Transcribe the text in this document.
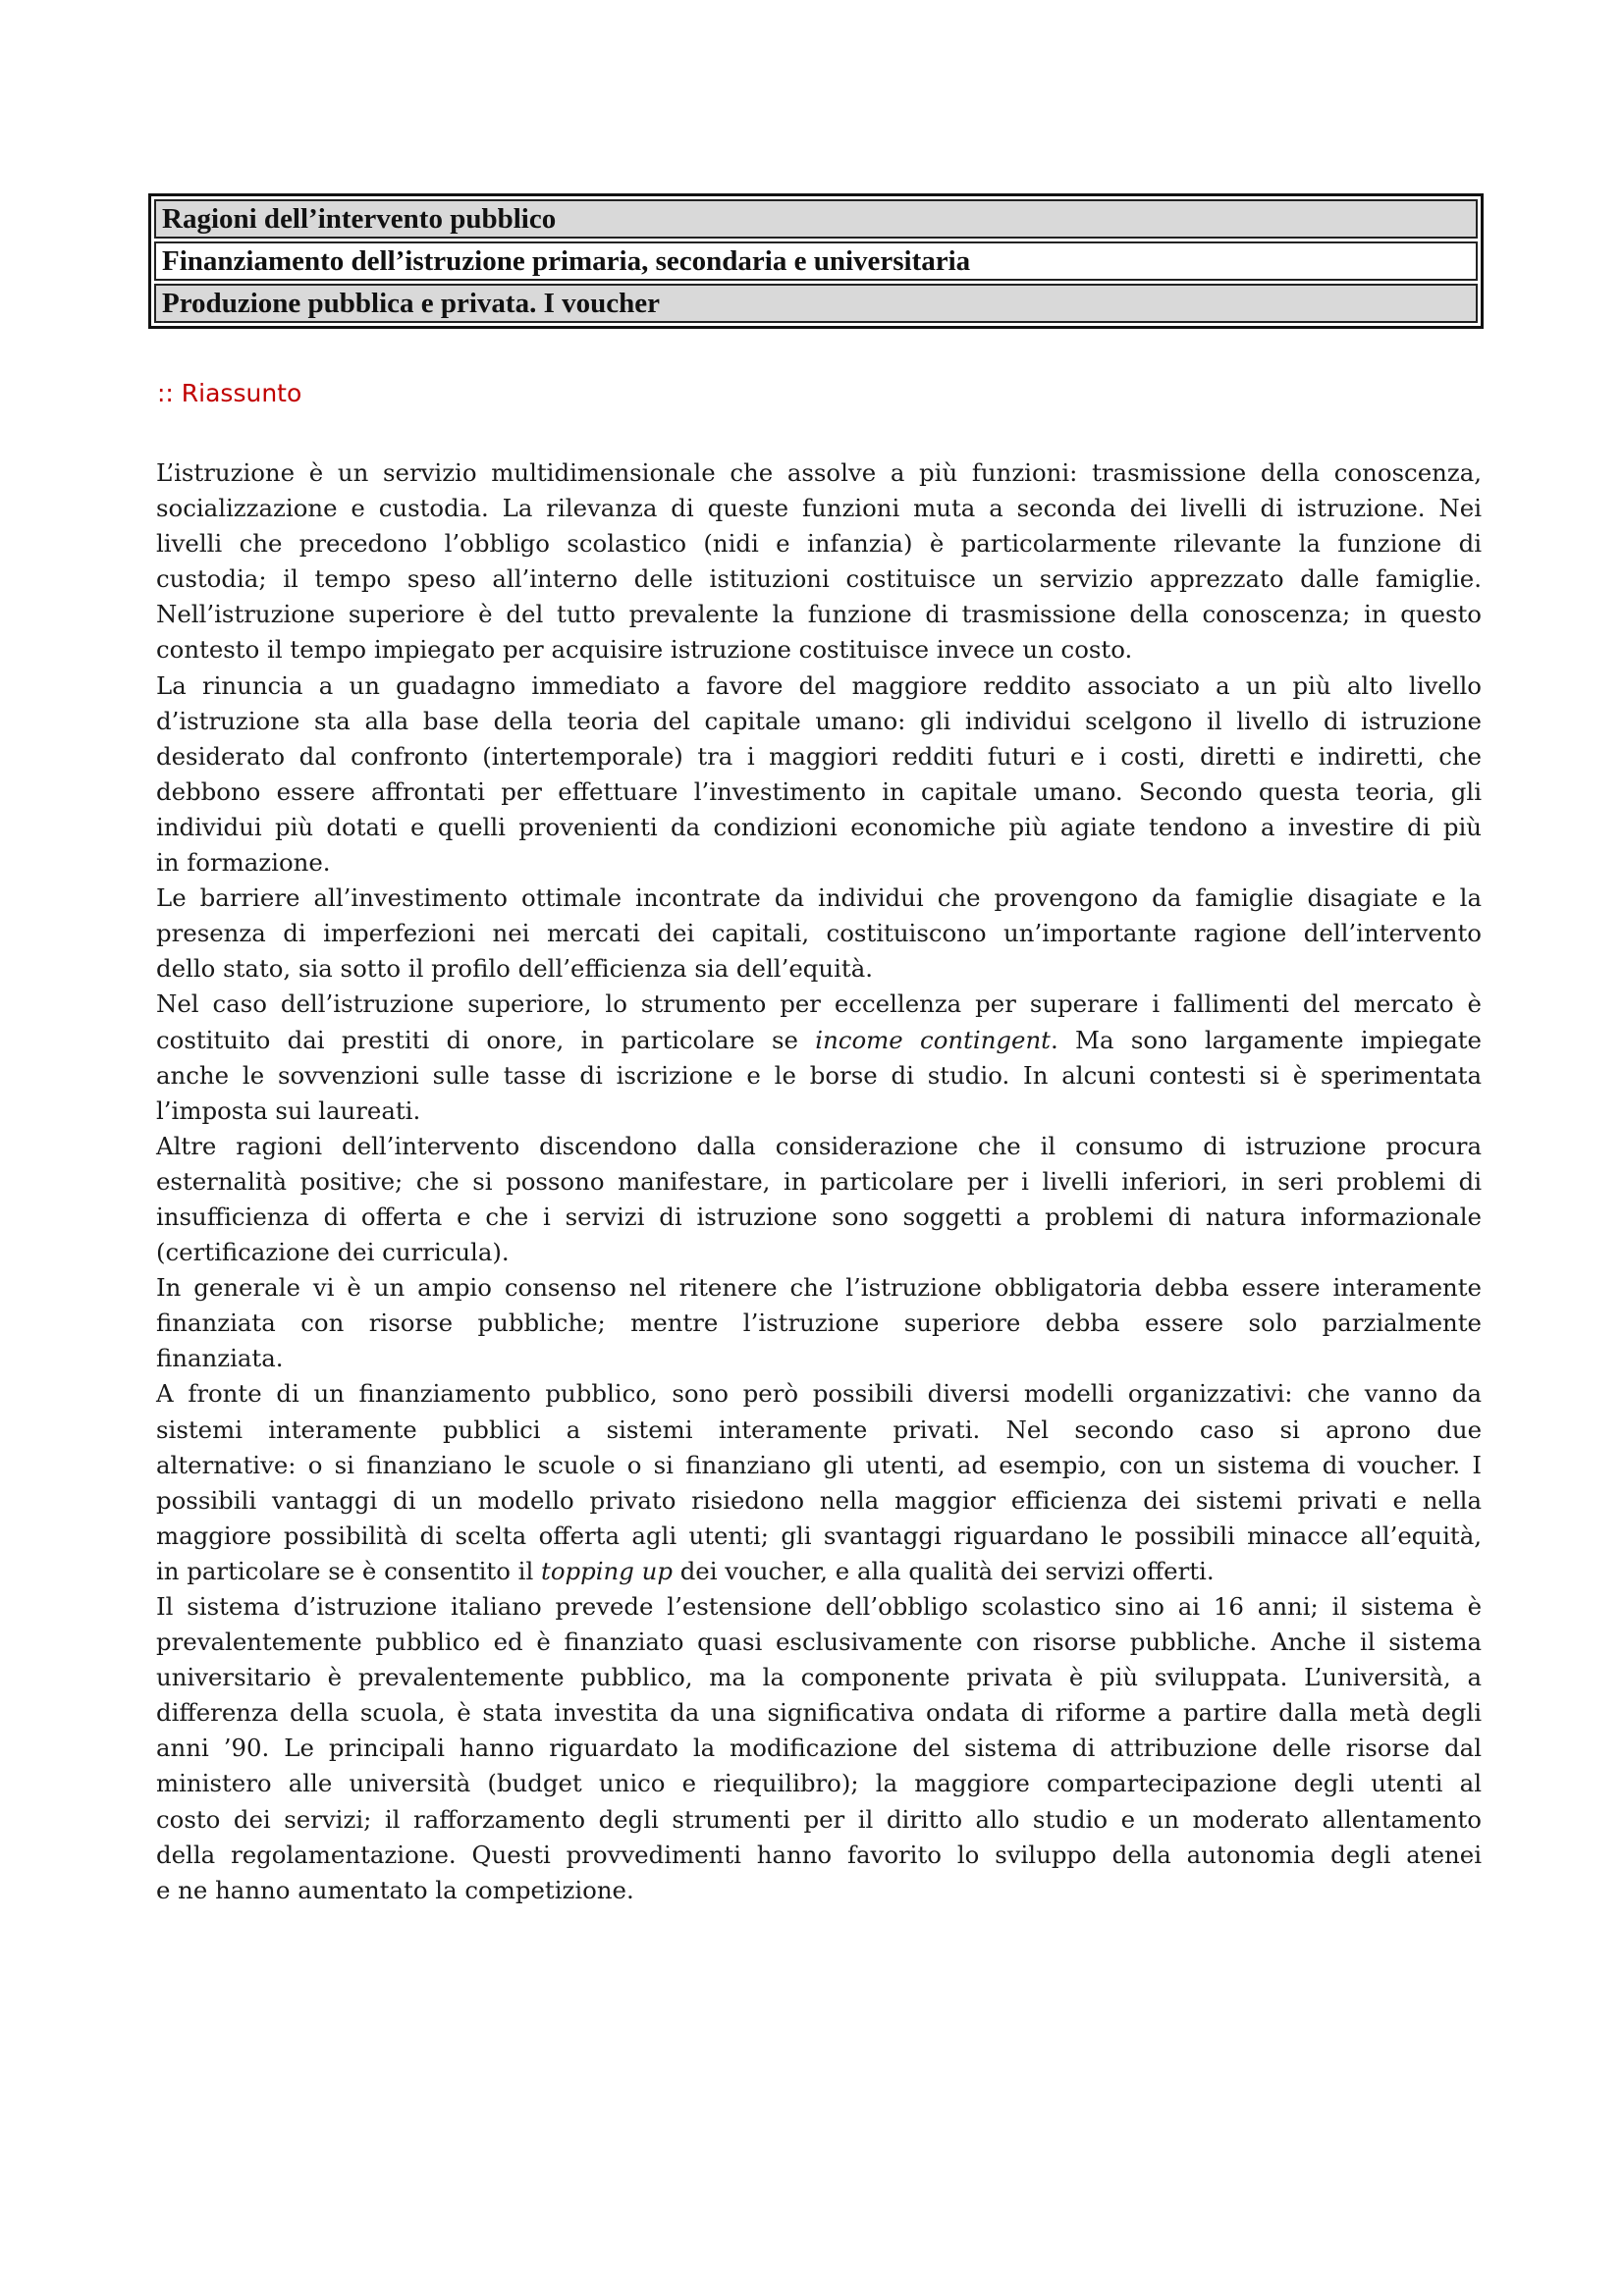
Ragioni dell’intervento pubblico
Finanziamento dell’istruzione primaria, secondaria e universitaria
Produzione pubblica e privata. I voucher
:: Riassunto
L’istruzione è un servizio multidimensionale che assolve a più funzioni: trasmissione della conoscenza,
socializzazione e custodia. La rilevanza di queste funzioni muta a seconda dei livelli di istruzione. Nei
livelli che precedono l’obbligo scolastico (nidi e infanzia) è particolarmente rilevante la funzione di
custodia; il tempo speso all’interno delle istituzioni costituisce un servizio apprezzato dalle famiglie.
Nell’istruzione superiore è del tutto prevalente la funzione di trasmissione della conoscenza; in questo
contesto il tempo impiegato per acquisire istruzione costituisce invece un costo.
La rinuncia a un guadagno immediato a favore del maggiore reddito associato a un più alto livello
d’istruzione sta alla base della teoria del capitale umano: gli individui scelgono il livello di istruzione
desiderato dal confronto (intertemporale) tra i maggiori redditi futuri e i costi, diretti e indiretti, che
debbono essere affrontati per effettuare l’investimento in capitale umano. Secondo questa teoria, gli
individui più dotati e quelli provenienti da condizioni economiche più agiate tendono a investire di più
in formazione.
Le barriere all’investimento ottimale incontrate da individui che provengono da famiglie disagiate e la
presenza di imperfezioni nei mercati dei capitali, costituiscono un’importante ragione dell’intervento
dello stato, sia sotto il profilo dell’efficienza sia dell’equità.
Nel caso dell’istruzione superiore, lo strumento per eccellenza per superare i fallimenti del mercato è
costituito dai prestiti di onore, in particolare se income contingent. Ma sono largamente impiegate
anche le sovvenzioni sulle tasse di iscrizione e le borse di studio. In alcuni contesti si è sperimentata
l’imposta sui laureati.
Altre ragioni dell’intervento discendono dalla considerazione che il consumo di istruzione procura
esternalità positive; che si possono manifestare, in particolare per i livelli inferiori, in seri problemi di
insufficienza di offerta e che i servizi di istruzione sono soggetti a problemi di natura informazionale
(certificazione dei curricula).
In generale vi è un ampio consenso nel ritenere che l’istruzione obbligatoria debba essere interamente
finanziata con risorse pubbliche; mentre l’istruzione superiore debba essere solo parzialmente
finanziata.
A fronte di un finanziamento pubblico, sono però possibili diversi modelli organizzativi: che vanno da
sistemi interamente pubblici a sistemi interamente privati. Nel secondo caso si aprono due
alternative: o si finanziano le scuole o si finanziano gli utenti, ad esempio, con un sistema di voucher. I
possibili vantaggi di un modello privato risiedono nella maggior efficienza dei sistemi privati e nella
maggiore possibilità di scelta offerta agli utenti; gli svantaggi riguardano le possibili minacce all’equità,
in particolare se è consentito il topping up dei voucher, e alla qualità dei servizi offerti.
Il sistema d’istruzione italiano prevede l’estensione dell’obbligo scolastico sino ai 16 anni; il sistema è
prevalentemente pubblico ed è finanziato quasi esclusivamente con risorse pubbliche. Anche il sistema
universitario è prevalentemente pubblico, ma la componente privata è più sviluppata. L’università, a
differenza della scuola, è stata investita da una significativa ondata di riforme a partire dalla metà degli
anni ’90. Le principali hanno riguardato la modificazione del sistema di attribuzione delle risorse dal
ministero alle università (budget unico e riequilibro); la maggiore compartecipazione degli utenti al
costo dei servizi; il rafforzamento degli strumenti per il diritto allo studio e un moderato allentamento
della regolamentazione. Questi provvedimenti hanno favorito lo sviluppo della autonomia degli atenei
e ne hanno aumentato la competizione.
